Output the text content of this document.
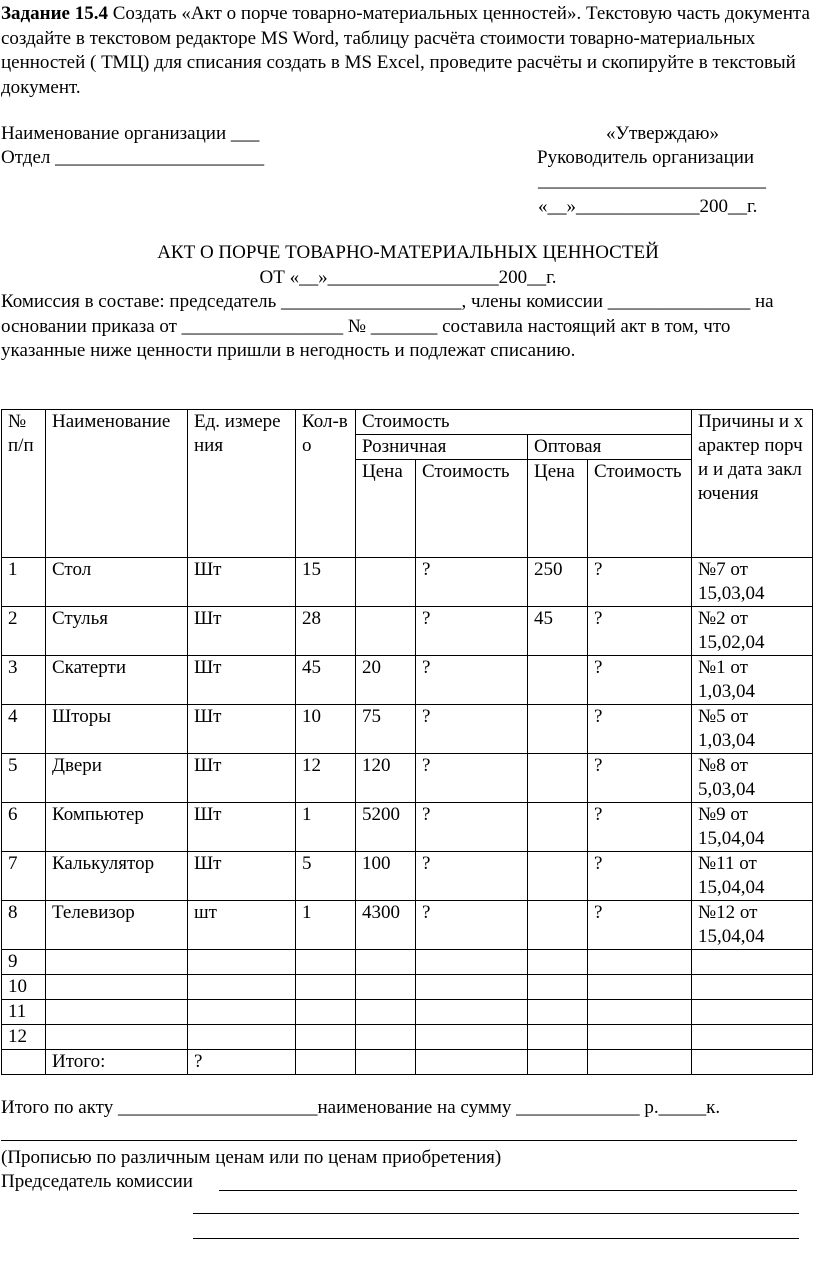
Задание 15.4 Создать «Акт о порче товарно-материальных ценностей». Текстовую часть документа создайте в текстовом редакторе MS Word, таблицу расчёта стоимости товарно-материальных ценностей ( ТМЦ) для списания создать в MS Excel, проведите расчёты и скопируйте в текстовый документ.
Наименование организации ___
Отдел ______________________
«Утверждаю»
Руководитель организации
________________________
«__»_____________200__г.
АКТ О ПОРЧЕ ТОВАРНО-МАТЕРИАЛЬНЫХ ЦЕННОСТЕЙ
ОТ «__»__________________200__г.
Комиссия в составе: председатель ___________________, члены комиссии _______________ на основании приказа от _________________ № _______ составила настоящий акт в том, что указанные ниже ценности пришли в негодность и подлежат списанию.
№ п/п	Наименование	Ед. измерения	Кол-во	Стоимость				Причины и характер порчи и дата заключения
				Розничная		Оптовая		
				Цена	Стоимость	Цена	Стоимость	
1	Стол	Шт	15		?	250	?	№7 от 15,03,04
2	Стулья	Шт	28		?	45	?	№2 от 15,02,04
3	Скатерти	Шт	45	20	?		?	№1 от 1,03,04
4	Шторы	Шт	10	75	?		?	№5 от 1,03,04
5	Двери	Шт	12	120	?		?	№8 от 5,03,04
6	Компьютер	Шт	1	5200	?		?	№9 от 15,04,04
7	Калькулятор	Шт	5	100	?		?	№11 от 15,04,04
8	Телевизор	шт	1	4300	?		?	№12 от 15,04,04
9								
10								
11								
12								
	Итого:	?						
Итого по акту _____________________наименование на сумму _____________ р._____к.
(Прописью по различным ценам или по ценам приобретения)
Председатель комиссии
